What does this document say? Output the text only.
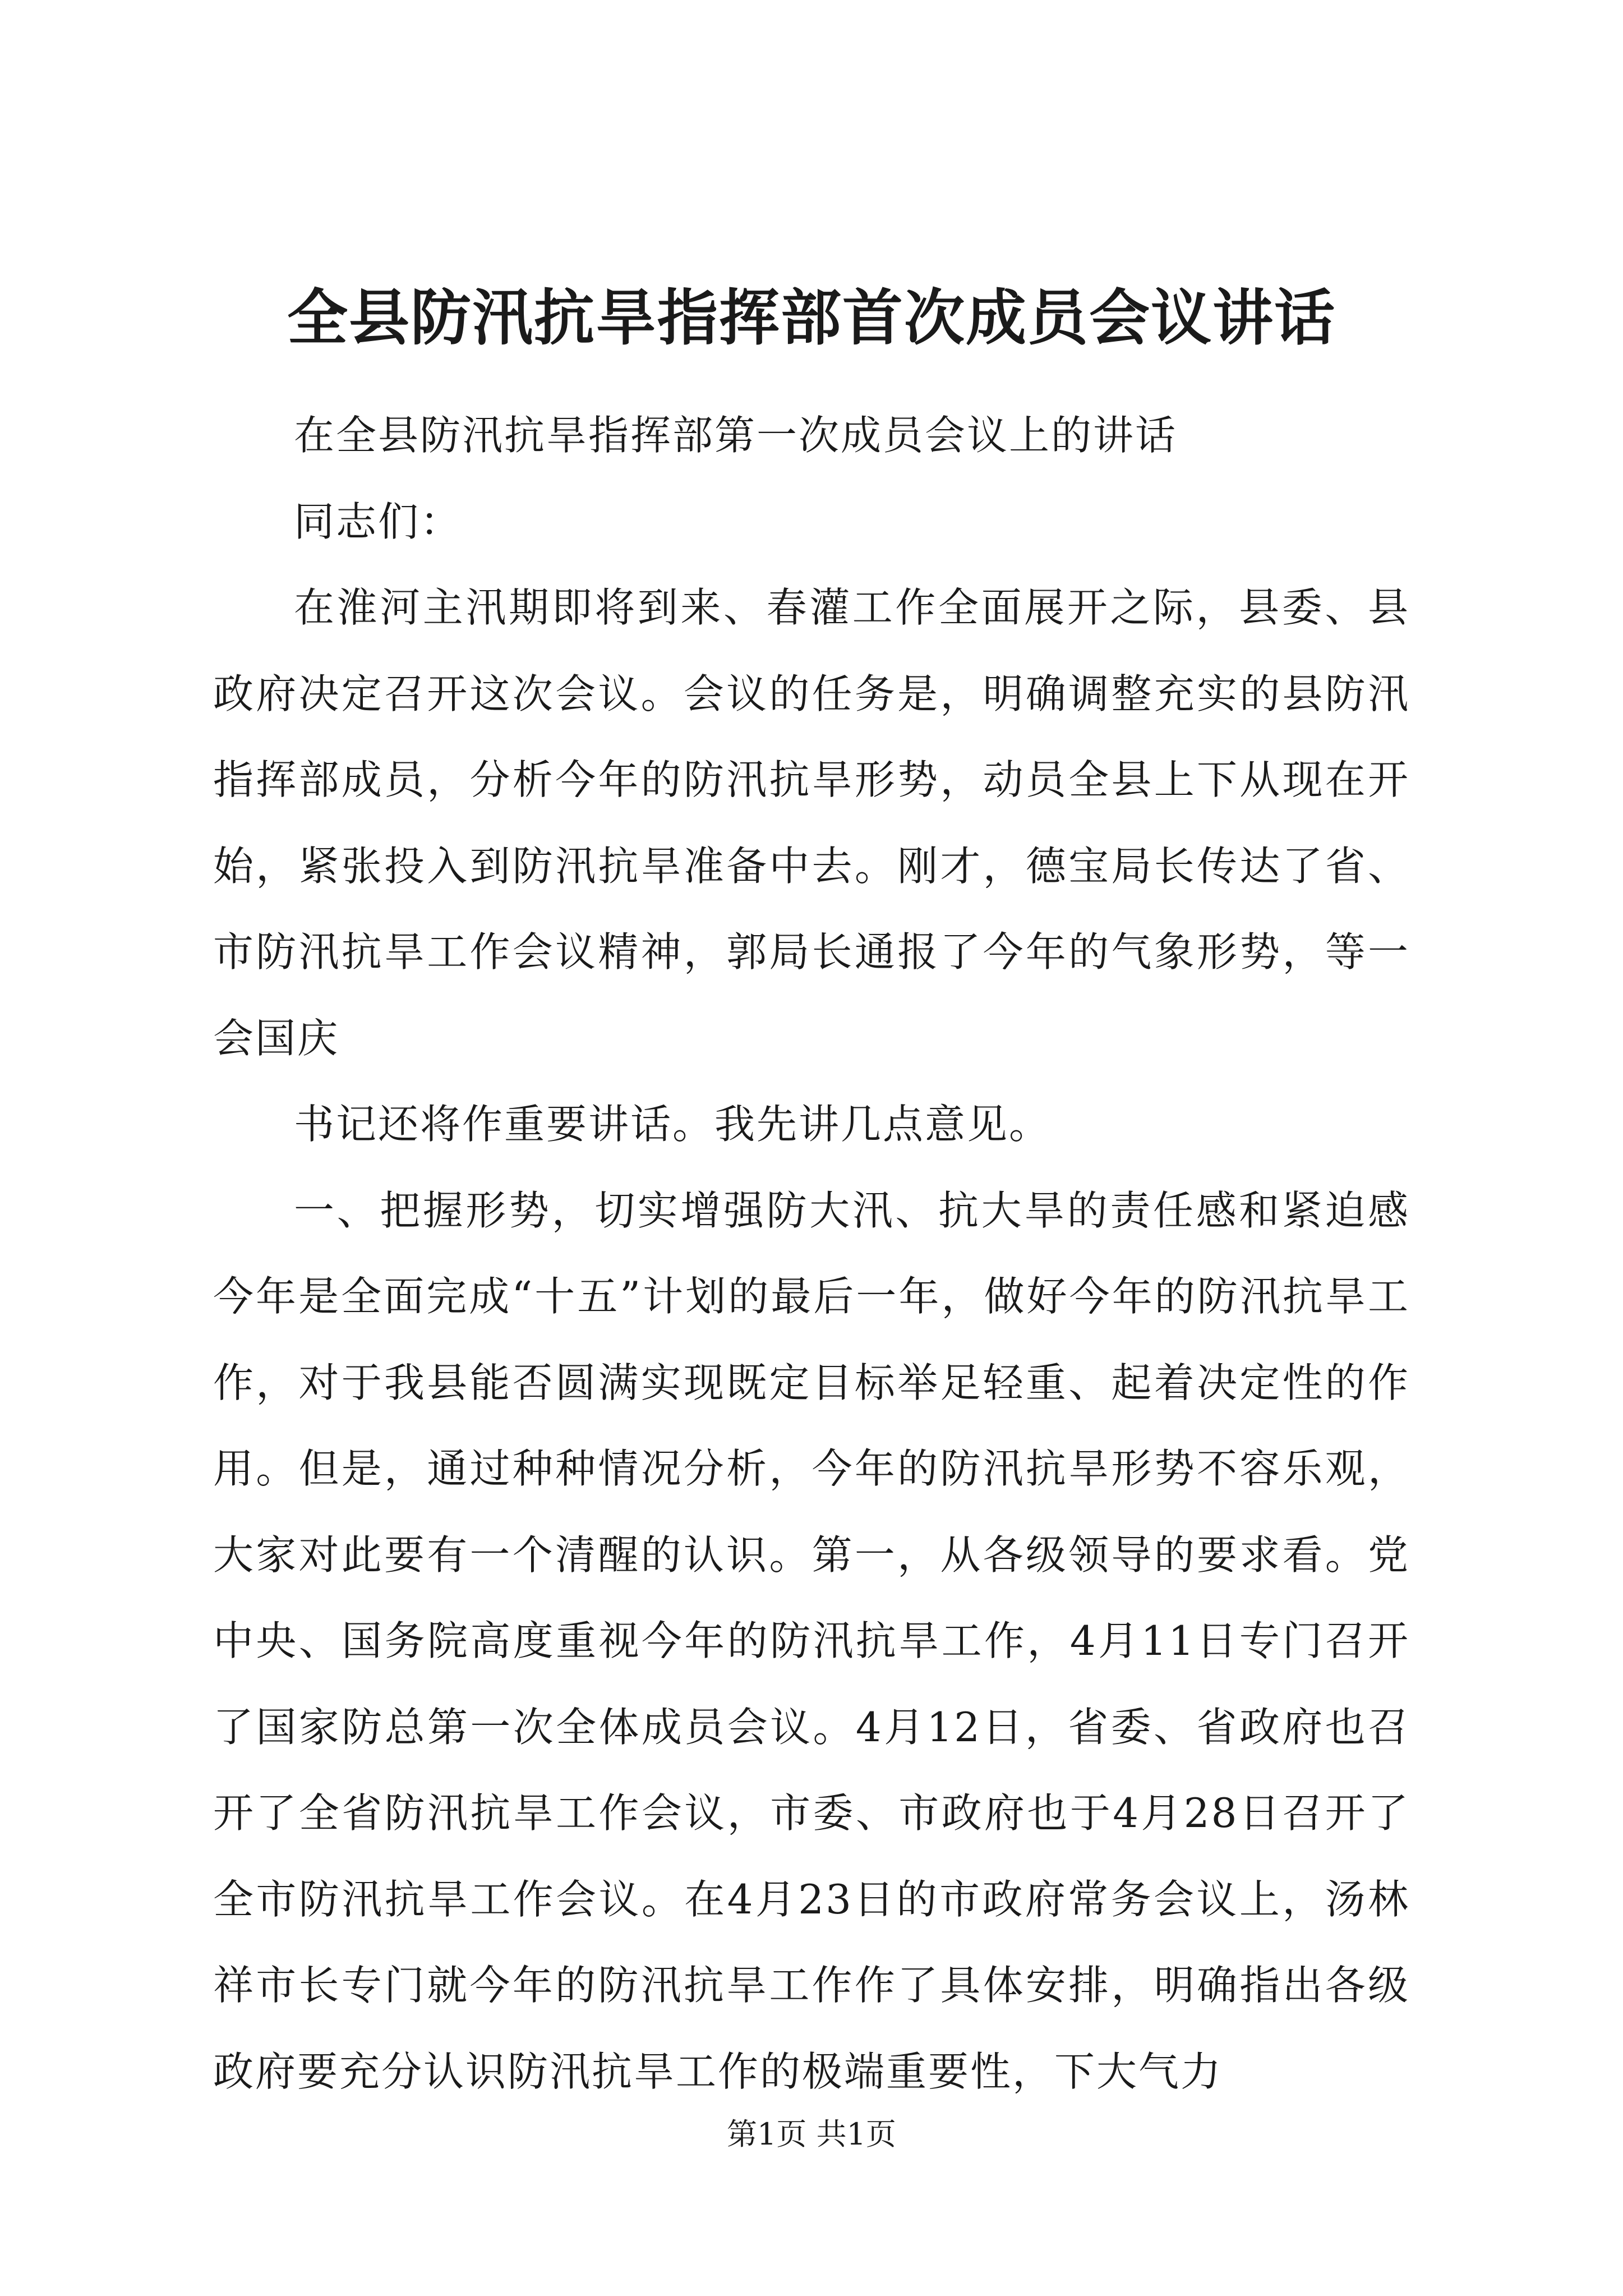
全县防汛抗旱指挥部首次成员会议讲话

在全县防汛抗旱指挥部第一次成员会议上的讲话

同志们：

在淮河主汛期即将到来、春灌工作全面展开之际，县委、县政府决定召开这次会议。会议的任务是，明确调整充实的县防汛指挥部成员，分析今年的防汛抗旱形势，动员全县上下从现在开始，紧张投入到防汛抗旱准备中去。刚才，德宝局长传达了省、市防汛抗旱工作会议精神，郭局长通报了今年的气象形势，等一会国庆

书记还将作重要讲话。我先讲几点意见。

一、把握形势，切实增强防大汛、抗大旱的责任感和紧迫感今年是全面完成“十五”计划的最后一年，做好今年的防汛抗旱工作，对于我县能否圆满实现既定目标举足轻重、起着决定性的作用。但是，通过种种情况分析，今年的防汛抗旱形势不容乐观，大家对此要有一个清醒的认识。第一，从各级领导的要求看。党中央、国务院高度重视今年的防汛抗旱工作，4月11日专门召开了国家防总第一次全体成员会议。4月12日，省委、省政府也召开了全省防汛抗旱工作会议，市委、市政府也于4月28日召开了全市防汛抗旱工作会议。在4月23日的市政府常务会议上，汤林祥市长专门就今年的防汛抗旱工作作了具体安排，明确指出各级政府要充分认识防汛抗旱工作的极端重要性，下大气力

第1页 共1页
